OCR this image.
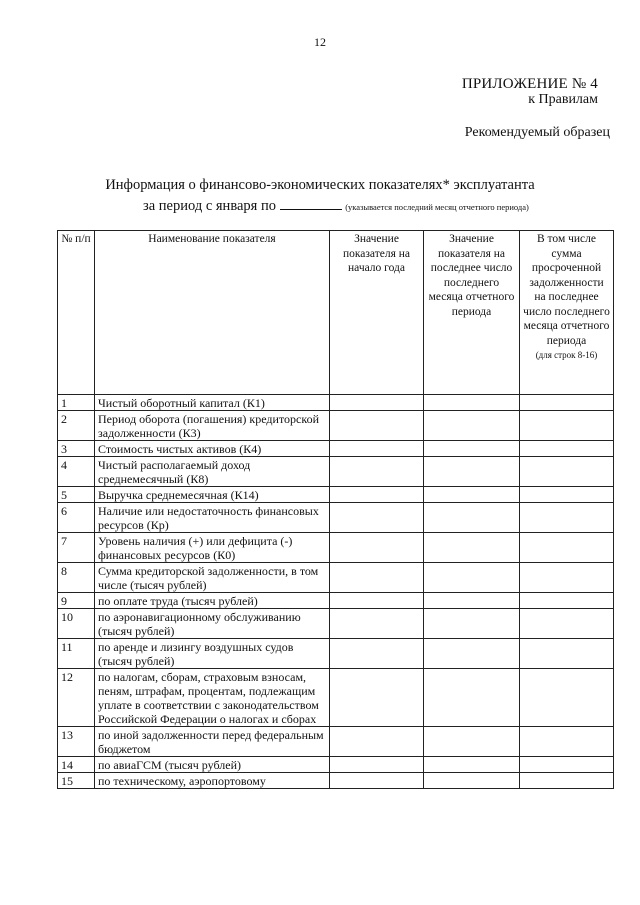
12
ПРИЛОЖЕНИЕ № 4
к Правилам
Рекомендуемый образец
Информация о финансово-экономических показателях* эксплуатанта
за период с января по	(указывается последний месяц отчетного периода)
№ п/п	Наименование показателя	Значение показателя на начало года	Значение показателя на последнее число последнего месяца отчетного периода	В том числе сумма просроченной задолженности на последнее число последнего месяца отчетного периода
(для строк 8-16)
1	Чистый оборотный капитал (К1)			
2	Период оборота (погашения) кредиторской задолженности (К3)			
3	Стоимость чистых активов (К4)			
4	Чистый располагаемый доход среднемесячный (К8)			
5	Выручка среднемесячная (К14)			
6	Наличие или недостаточность финансовых ресурсов (Кр)			
7	Уровень наличия (+) или дефицита (-) финансовых ресурсов (К0)			
8	Сумма кредиторской задолженности, в том числе (тысяч рублей)			
9	по оплате труда (тысяч рублей)			
10	по аэронавигационному обслуживанию (тысяч рублей)			
11	по аренде и лизингу воздушных судов (тысяч рублей)			
12	по налогам, сборам, страховым взносам, пеням, штрафам, процентам, подлежащим уплате в соответствии с законодательством Российской Федерации о налогах и сборах			
13	по иной задолженности перед федеральным бюджетом			
14	по авиаГСМ (тысяч рублей)			
15	по техническому, аэропортовому			
